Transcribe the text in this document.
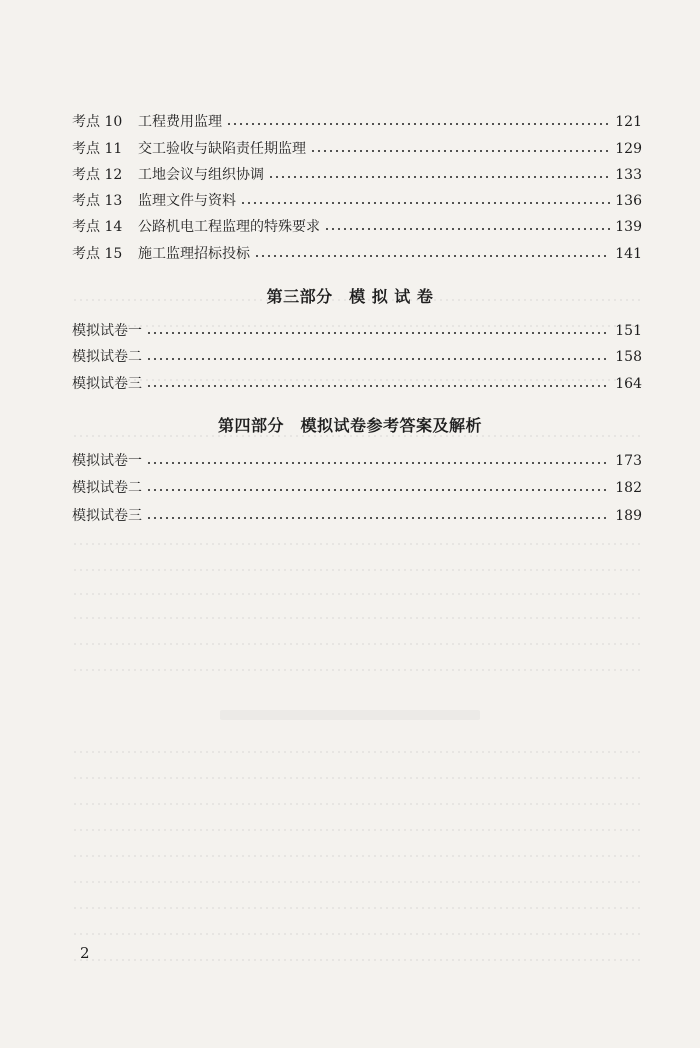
考点 10	工程费用监理	121
考点 11	交工验收与缺陷责任期监理	129
考点 12	工地会议与组织协调	133
考点 13	监理文件与资料	136
考点 14	公路机电工程监理的特殊要求	139
考点 15	施工监理招标投标	141
第三部分　模 拟 试 卷
模拟试卷一	151
模拟试卷二	158
模拟试卷三	164
第四部分　模拟试卷参考答案及解析
模拟试卷一	173
模拟试卷二	182
模拟试卷三	189
2
